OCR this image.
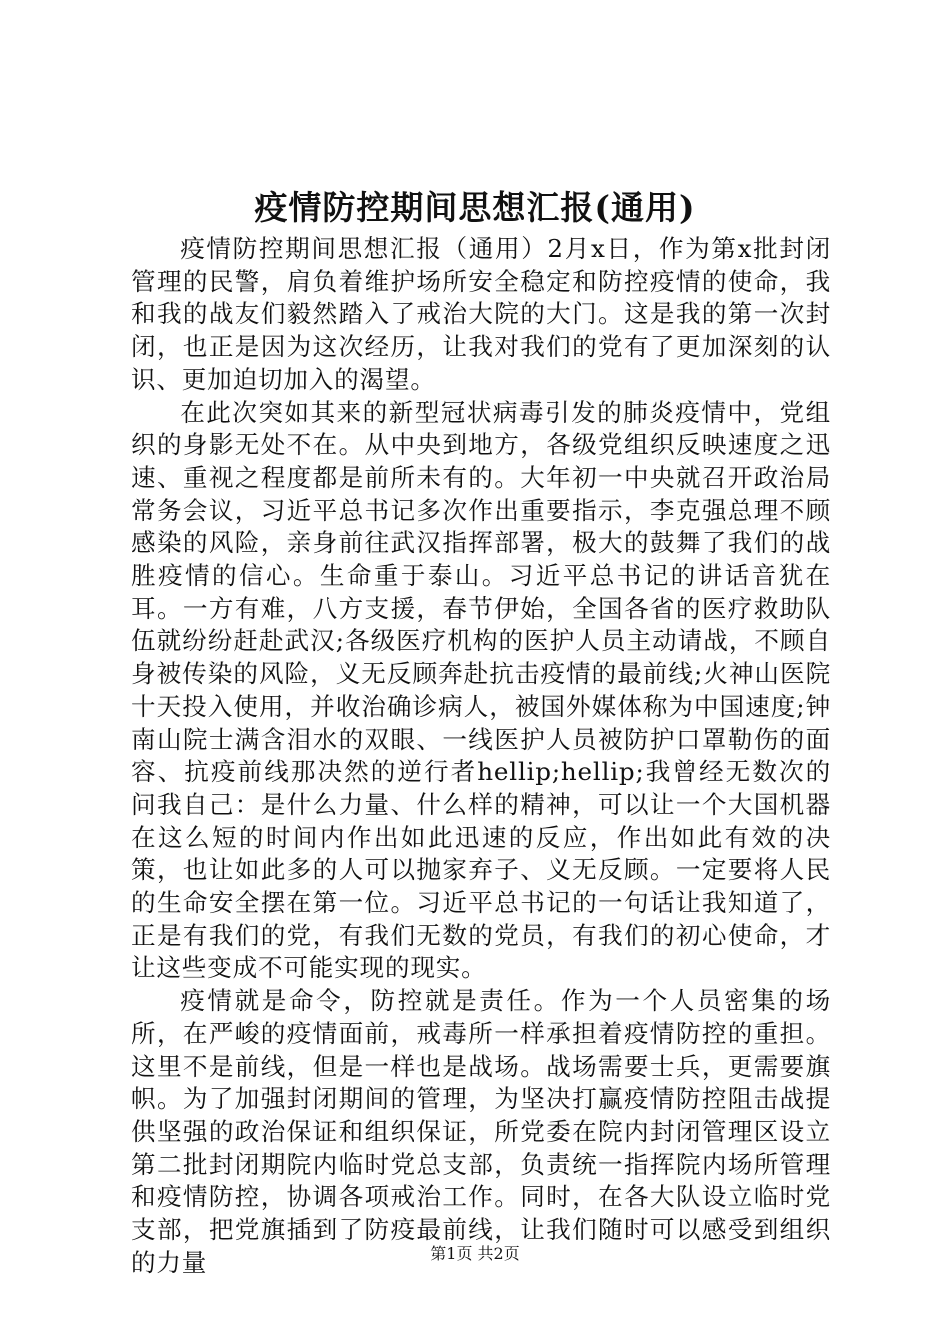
疫情防控期间思想汇报(通用)

疫情防控期间思想汇报（通用）2月x日，作为第x批封闭管理的民警，肩负着维护场所安全稳定和防控疫情的使命，我和我的战友们毅然踏入了戒治大院的大门。这是我的第一次封闭，也正是因为这次经历，让我对我们的党有了更加深刻的认识、更加迫切加入的渴望。

在此次突如其来的新型冠状病毒引发的肺炎疫情中，党组织的身影无处不在。从中央到地方，各级党组织反映速度之迅速、重视之程度都是前所未有的。大年初一中央就召开政治局常务会议，习近平总书记多次作出重要指示，李克强总理不顾感染的风险，亲身前往武汉指挥部署，极大的鼓舞了我们的战胜疫情的信心。生命重于泰山。习近平总书记的讲话音犹在耳。一方有难，八方支援，春节伊始，全国各省的医疗救助队伍就纷纷赶赴武汉;各级医疗机构的医护人员主动请战，不顾自身被传染的风险，义无反顾奔赴抗击疫情的最前线;火神山医院十天投入使用，并收治确诊病人，被国外媒体称为中国速度;钟南山院士满含泪水的双眼、一线医护人员被防护口罩勒伤的面容、抗疫前线那决然的逆行者hellip;hellip;我曾经无数次的问我自己：是什么力量、什么样的精神，可以让一个大国机器在这么短的时间内作出如此迅速的反应，作出如此有效的决策，也让如此多的人可以抛家弃子、义无反顾。一定要将人民的生命安全摆在第一位。习近平总书记的一句话让我知道了，正是有我们的党，有我们无数的党员，有我们的初心使命，才让这些变成不可能实现的现实。

疫情就是命令，防控就是责任。作为一个人员密集的场所，在严峻的疫情面前，戒毒所一样承担着疫情防控的重担。这里不是前线，但是一样也是战场。战场需要士兵，更需要旗帜。为了加强封闭期间的管理，为坚决打赢疫情防控阻击战提供坚强的政治保证和组织保证，所党委在院内封闭管理区设立第二批封闭期院内临时党总支部，负责统一指挥院内场所管理和疫情防控，协调各项戒治工作。同时，在各大队设立临时党支部，把党旗插到了防疫最前线，让我们随时可以感受到组织的力量	第1页 共2页
